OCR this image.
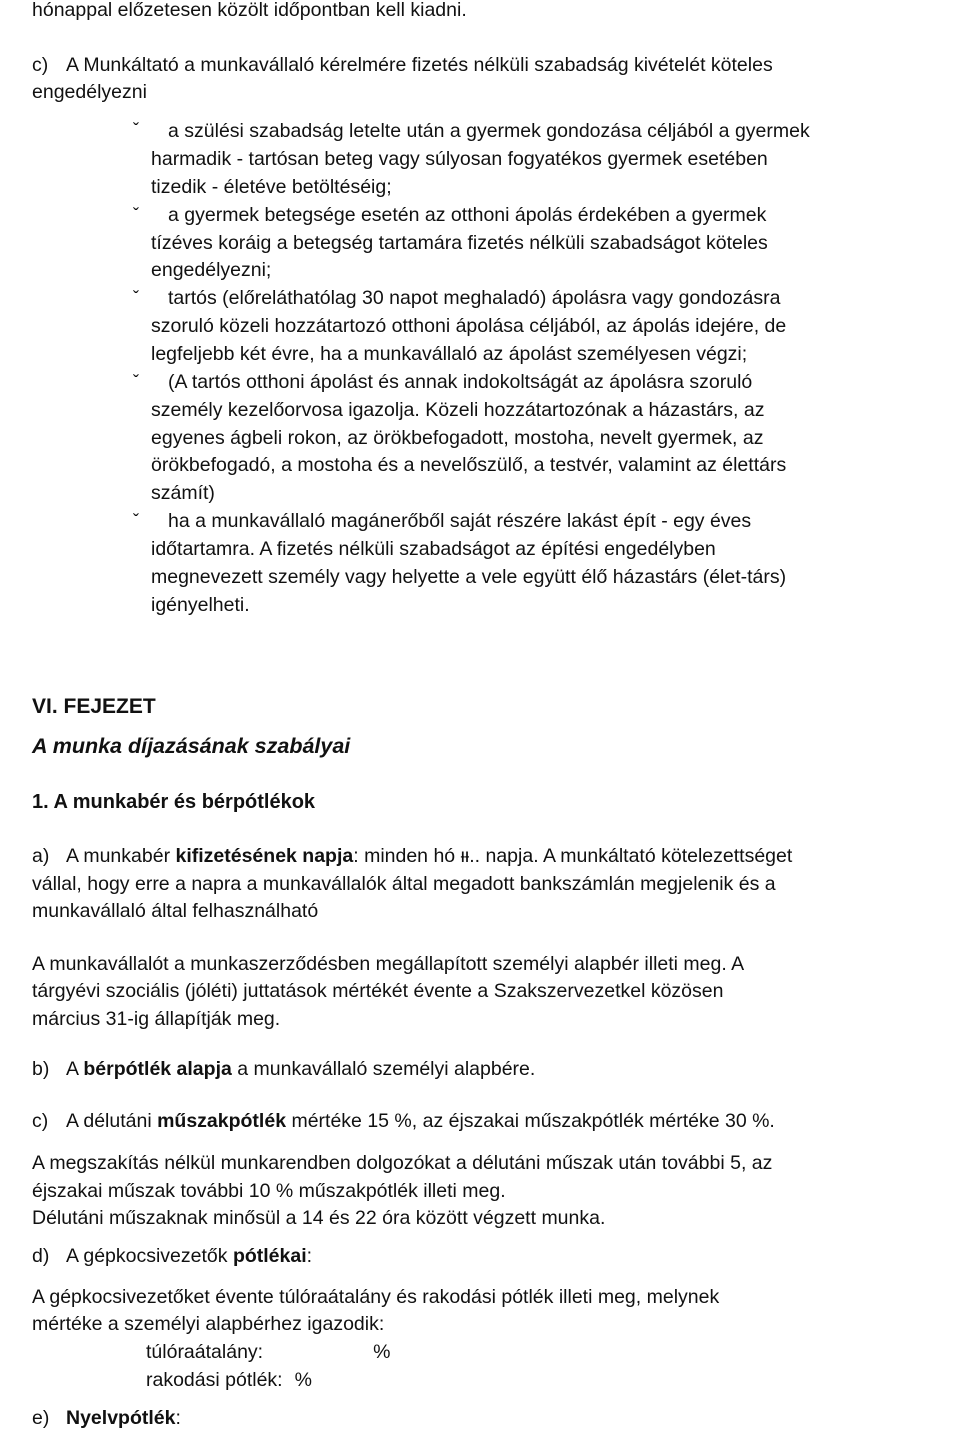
hónappal előzetesen közölt időpontban kell kiadni.
c) A Munkáltató a munkavállaló kérelmére fizetés nélküli szabadság kivételét köteles
engedélyezni
ˇ a szülési szabadság letelte után a gyermek gondozása céljából a gyermek
harmadik - tartósan beteg vagy súlyosan fogyatékos gyermek esetében
tizedik - életéve betöltéséig;
ˇ a gyermek betegsége esetén az otthoni ápolás érdekében a gyermek
tízéves koráig a betegség tartamára fizetés nélküli szabadságot köteles
engedélyezni;
ˇ tartós (előreláthatólag 30 napot meghaladó) ápolásra vagy gondozásra
szoruló közeli hozzátartozó otthoni ápolása céljából, az ápolás idejére, de
legfeljebb két évre, ha a munkavállaló az ápolást személyesen végzi;
ˇ (A tartós otthoni ápolást és annak indokoltságát az ápolásra szoruló
személy kezelőorvosa igazolja. Közeli hozzátartozónak a házastárs, az
egyenes ágbeli rokon, az örökbefogadott, mostoha, nevelt gyermek, az
örökbefogadó, a mostoha és a nevelőszülő, a testvér, valamint az élettárs
számít)
ˇ ha a munkavállaló magánerőből saját részére lakást épít - egy éves
időtartamra. A fizetés nélküli szabadságot az építési engedélyben
megnevezett személy vagy helyette a vele együtt élő házastárs (élet-társ)
igényelheti.
VI. FEJEZET
A munka díjazásának szabályai
1. A munkabér és bérpótlékok
a) A munkabér kifizetésének napja: minden hó ᵼᵼ.. napja. A munkáltató kötelezettséget
vállal, hogy erre a napra a munkavállalók által megadott bankszámlán megjelenik és a
munkavállaló által felhasználható
A munkavállalót a munkaszerződésben megállapított személyi alapbér illeti meg. A
tárgyévi szociális (jóléti) juttatások mértékét évente a Szakszervezetkel közösen
március 31-ig állapítják meg.
b) A bérpótlék alapja a munkavállaló személyi alapbére.
c) A délutáni műszakpótlék mértéke 15 %, az éjszakai műszakpótlék mértéke 30 %.
A megszakítás nélkül munkarendben dolgozókat a délutáni műszak után további 5, az
éjszakai műszak további 10 % műszakpótlék illeti meg.
Délutáni műszaknak minősül a 14 és 22 óra között végzett munka.
d) A gépkocsivezetők pótlékai:
A gépkocsivezetőket évente túlóraátalány és rakodási pótlék illeti meg, melynek
mértéke a személyi alapbérhez igazodik:
túlóraátalány:	%
rakodási pótlék: %
e) Nyelvpótlék:
